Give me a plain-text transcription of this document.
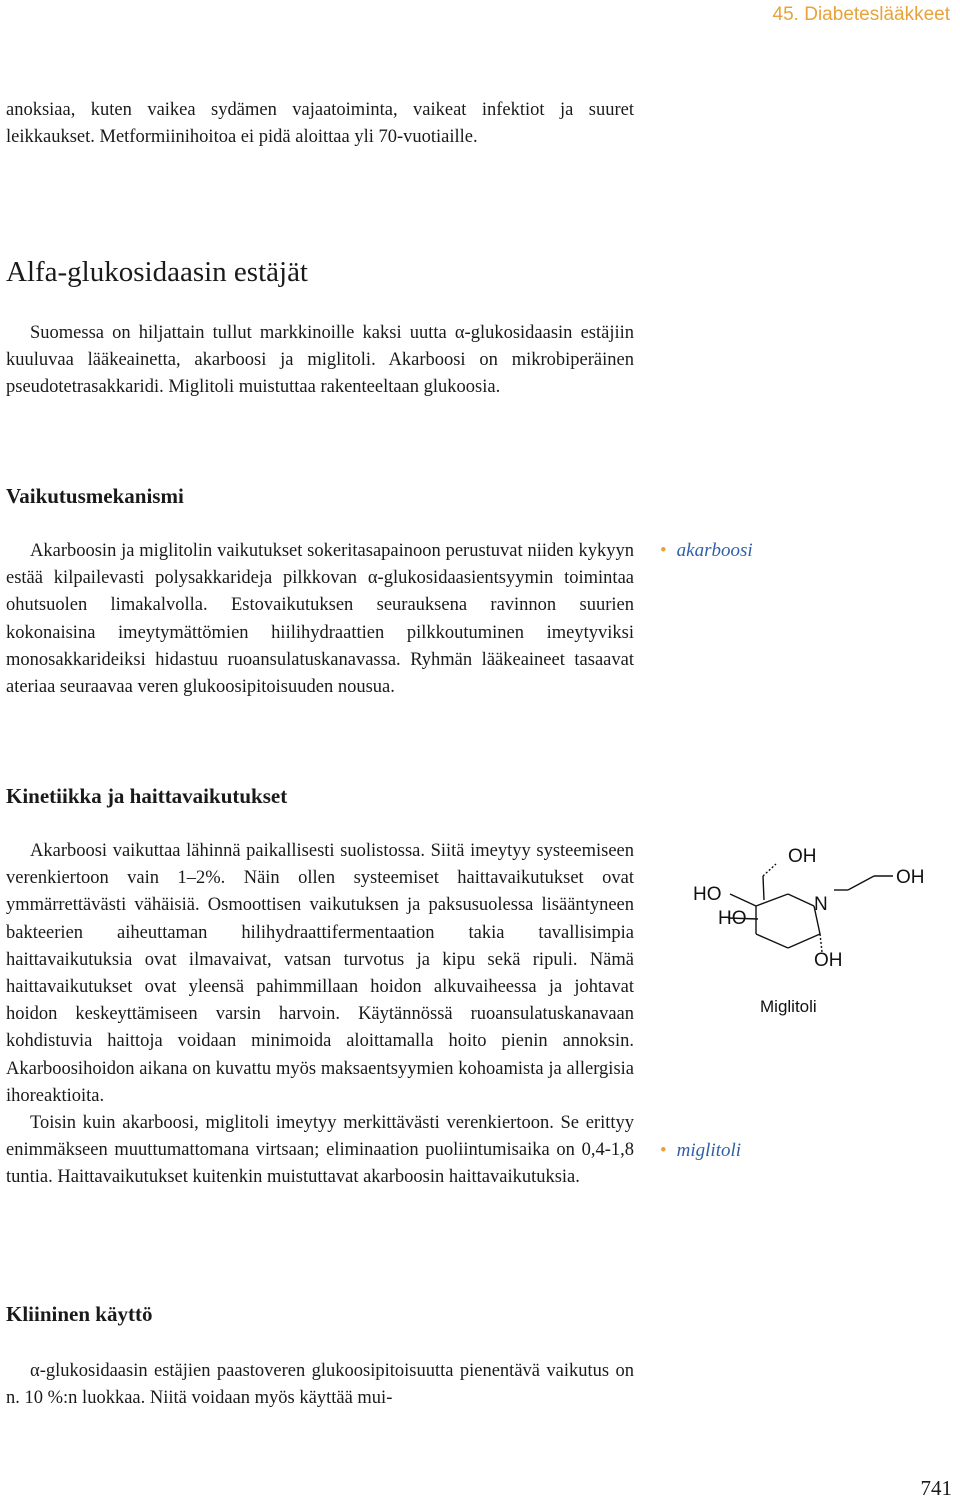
45. Diabeteslääkkeet

anoksiaa, kuten vaikea sydämen vajaatoiminta, vaikeat infektiot ja suuret leikkaukset. Metformiinihoitoa ei pidä aloittaa yli 70-vuotiaille.

Alfa-glukosidaasin estäjät

Suomessa on hiljattain tullut markkinoille kaksi uutta α-glukosidaasin estäjiin kuuluvaa lääkeainetta, akarboosi ja miglitoli. Akarboosi on mikrobiperäinen pseudotetrasakkaridi. Miglitoli muistuttaa rakenteeltaan glukoosia.

Vaikutusmekanismi

Akarboosin ja miglitolin vaikutukset sokeritasapainoon perustuvat niiden kykyyn estää kilpailevasti polysakkarideja pilkkovan α-glukosidaasientsyymin toimintaa ohutsuolen limakalvolla. Estovaikutuksen seurauksena ravinnon suurien kokonaisina imeytymättömien hiilihydraattien pilkkoutuminen imeytyviksi monosakkarideiksi hidastuu ruoansulatuskanavassa. Ryhmän lääkeaineet tasaavat ateriaa seuraavaa veren glukoosipitoisuuden nousua.

• akarboosi
Kinetiikka ja haittavaikutukset

Akarboosi vaikuttaa lähinnä paikallisesti suolistossa. Siitä imeytyy systeemiseen verenkiertoon vain 1–2%. Näin ollen systeemiset haittavaikutukset ovat ymmärrettävästi vähäisiä. Osmoottisen vaikutuksen ja paksusuolessa lisääntyneen bakteerien aiheuttaman hilihydraattifermentaation takia tavallisimpia haittavaikutuksia ovat ilmavaivat, vatsan turvotus ja kipu sekä ripuli. Nämä haittavaikutukset ovat yleensä pahimmillaan hoidon alkuvaiheessa ja johtavat hoidon keskeyttämiseen varsin harvoin. Käytännössä ruoansulatuskanavaan kohdistuvia haittoja voidaan minimoida aloittamalla hoito pienin annoksin. Akarboosihoidon aikana on kuvattu myös maksaentsyymien kohoamista ja allergisia ihoreaktioita.

Toisin kuin akarboosi, miglitoli imeytyy merkittävästi verenkiertoon. Se erittyy enimmäkseen muuttumattomana virtsaan; eliminaation puoliintumisaika on 0,4-1,8 tuntia. Haittavaikutukset kuitenkin muistuttavat akarboosin haittavaikutuksia.

OH
OH
HO
HO
N
OH
Miglitoli
• miglitoli
Kliininen käyttö

α-glukosidaasin estäjien paastoveren glukoosipitoisuutta pienentävä vaikutus on n. 10 %:n luokkaa. Niitä voidaan myös käyttää mui-

741
